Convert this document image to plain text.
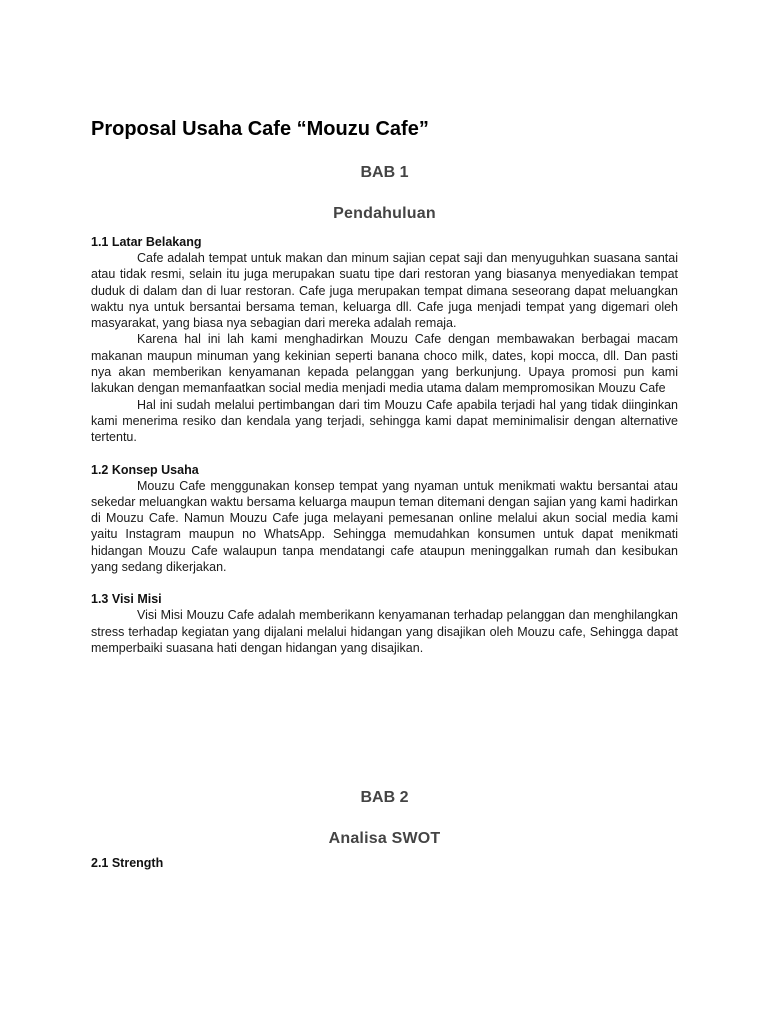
Proposal Usaha Cafe “Mouzu Cafe”

BAB 1

Pendahuluan

1.1 Latar Belakang

Cafe adalah tempat untuk makan dan minum sajian cepat saji dan menyuguhkan suasana santai atau tidak resmi, selain itu juga merupakan suatu tipe dari restoran yang biasanya menyediakan tempat duduk di dalam dan di luar restoran. Cafe juga merupakan tempat dimana seseorang dapat meluangkan waktu nya untuk bersantai bersama teman, keluarga dll. Cafe juga menjadi tempat yang digemari oleh masyarakat, yang biasa nya sebagian dari mereka adalah remaja.

Karena hal ini lah kami menghadirkan Mouzu Cafe dengan membawakan berbagai macam makanan maupun minuman yang kekinian seperti banana choco milk, dates, kopi mocca, dll. Dan pasti nya akan memberikan kenyamanan kepada pelanggan yang berkunjung. Upaya promosi pun kami lakukan dengan memanfaatkan social media menjadi media utama dalam mempromosikan Mouzu Cafe

Hal ini sudah melalui pertimbangan dari tim Mouzu Cafe apabila terjadi hal yang tidak diinginkan kami menerima resiko dan kendala yang terjadi, sehingga kami dapat meminimalisir dengan alternative tertentu.

1.2 Konsep Usaha

Mouzu Cafe menggunakan konsep tempat yang nyaman untuk menikmati waktu bersantai atau sekedar meluangkan waktu bersama keluarga maupun teman ditemani dengan sajian yang kami hadirkan di Mouzu Cafe. Namun Mouzu Cafe juga melayani pemesanan online melalui akun social media kami yaitu Instagram maupun no WhatsApp. Sehingga memudahkan konsumen untuk dapat menikmati hidangan Mouzu Cafe walaupun tanpa mendatangi cafe ataupun meninggalkan rumah dan kesibukan yang sedang dikerjakan.

1.3 Visi Misi

Visi Misi Mouzu Cafe adalah memberikann kenyamanan terhadap pelanggan dan menghilangkan stress terhadap kegiatan yang dijalani melalui hidangan yang disajikan oleh Mouzu cafe, Sehingga dapat memperbaiki suasana hati dengan hidangan yang disajikan.

BAB 2

Analisa SWOT

2.1 Strength
